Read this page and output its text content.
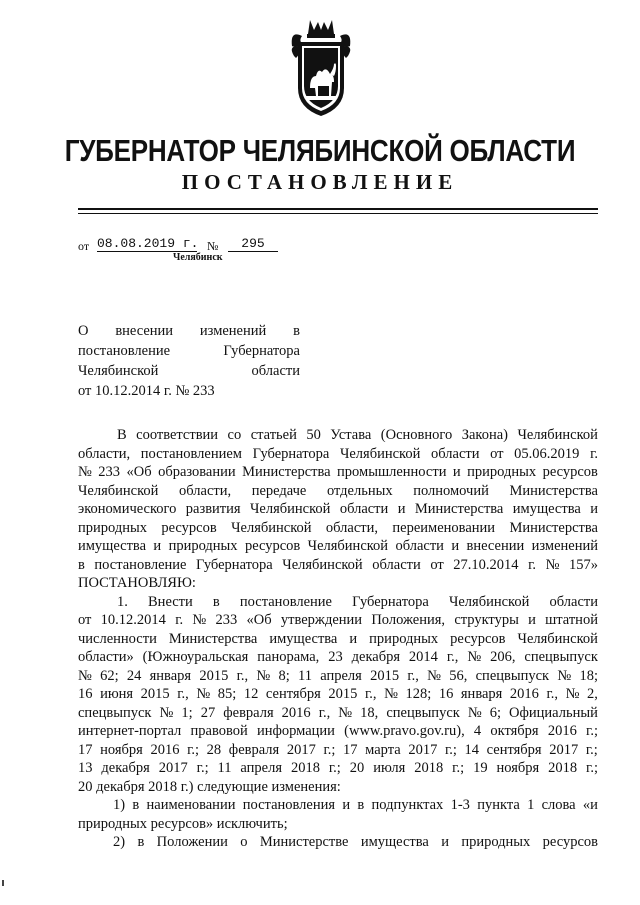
ГУБЕРНАТОР ЧЕЛЯБИНСКОЙ ОБЛАСТИ
ПОСТАНОВЛЕНИЕ
от 08.08.2019 г. №	295
Челябинск
О внесении изменений в
постановление	Губернатора
Челябинской	области
от 10.12.2014 г. № 233
В соответствии со статьей 50 Устава (Основного Закона) Челябинской
области, постановлением Губернатора Челябинской области от 05.06.2019 г.
№ 233 «Об образовании Министерства промышленности и природных ресурсов
Челябинской области, передаче отдельных полномочий Министерства
экономического развития Челябинской области и Министерства имущества и
природных ресурсов Челябинской области, переименовании Министерства
имущества и природных ресурсов Челябинской области и внесении изменений
в постановление Губернатора Челябинской области от 27.10.2014 г. № 157»
ПОСТАНОВЛЯЮ:
1. Внести в постановление Губернатора Челябинской области
от 10.12.2014 г. № 233 «Об утверждении Положения, структуры и штатной
численности Министерства имущества и природных ресурсов Челябинской
области» (Южноуральская панорама, 23 декабря 2014 г., № 206, спецвыпуск
№ 62; 24 января 2015 г., № 8; 11 апреля 2015 г., № 56, спецвыпуск № 18;
16 июня 2015 г., № 85; 12 сентября 2015 г., № 128; 16 января 2016 г., № 2,
спецвыпуск № 1; 27 февраля 2016 г., № 18, спецвыпуск № 6; Официальный
интернет-портал правовой информации (www.pravo.gov.ru), 4 октября 2016 г.;
17 ноября 2016 г.; 28 февраля 2017 г.; 17 марта 2017 г.; 14 сентября 2017 г.;
13 декабря 2017 г.; 11 апреля 2018 г.; 20 июля 2018 г.; 19 ноября 2018 г.;
20 декабря 2018 г.) следующие изменения:
1) в наименовании постановления и в подпунктах 1-3 пункта 1 слова «и
природных ресурсов» исключить;
2) в Положении о Министерстве имущества и природных ресурсов
